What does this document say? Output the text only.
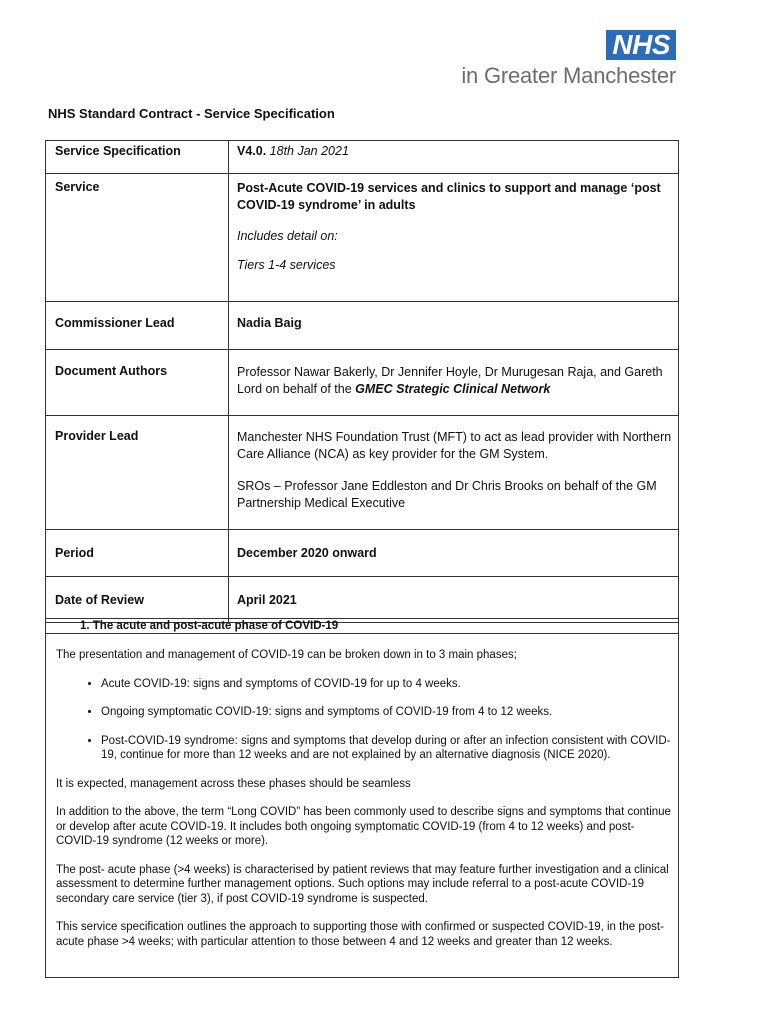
NHS
in Greater Manchester
NHS Standard Contract - Service Specification
Service Specification	V4.0. 18th Jan 2021
Service	Post-Acute COVID-19 services and clinics to support and manage ‘post COVID-19 syndrome’ in adults

Includes detail on:

Tiers 1-4 services

Commissioner Lead	Nadia Baig
Document Authors	Professor Nawar Bakerly, Dr Jennifer Hoyle, Dr Murugesan Raja, and Gareth Lord on behalf of the GMEC Strategic Clinical Network
Provider Lead	Manchester NHS Foundation Trust (MFT) to act as lead provider with Northern Care Alliance (NCA) as key provider for the GM System.

SROs – Professor Jane Eddleston and Dr Chris Brooks on behalf of the GM Partnership Medical Executive

Period	December 2020 onward
Date of Review	April 2021
1. The acute and post-acute phase of COVID-19

The presentation and management of COVID-19 can be broken down in to 3 main phases;

• Acute COVID-19: signs and symptoms of COVID-19 for up to 4 weeks.
• Ongoing symptomatic COVID-19: signs and symptoms of COVID-19 from 4 to 12 weeks.
• Post-COVID-19 syndrome: signs and symptoms that develop during or after an infection consistent with COVID-19, continue for more than 12 weeks and are not explained by an alternative diagnosis (NICE 2020).

It is expected, management across these phases should be seamless

In addition to the above, the term “Long COVID” has been commonly used to describe signs and symptoms that continue or develop after acute COVID-19. It includes both ongoing symptomatic COVID-19 (from 4 to 12 weeks) and post-COVID-19 syndrome (12 weeks or more).

The post- acute phase (>4 weeks) is characterised by patient reviews that may feature further investigation and a clinical assessment to determine further management options. Such options may include referral to a post-acute COVID-19 secondary care service (tier 3), if post COVID-19 syndrome is suspected.

This service specification outlines the approach to supporting those with confirmed or suspected COVID-19, in the post-acute phase >4 weeks; with particular attention to those between 4 and 12 weeks and greater than 12 weeks.
